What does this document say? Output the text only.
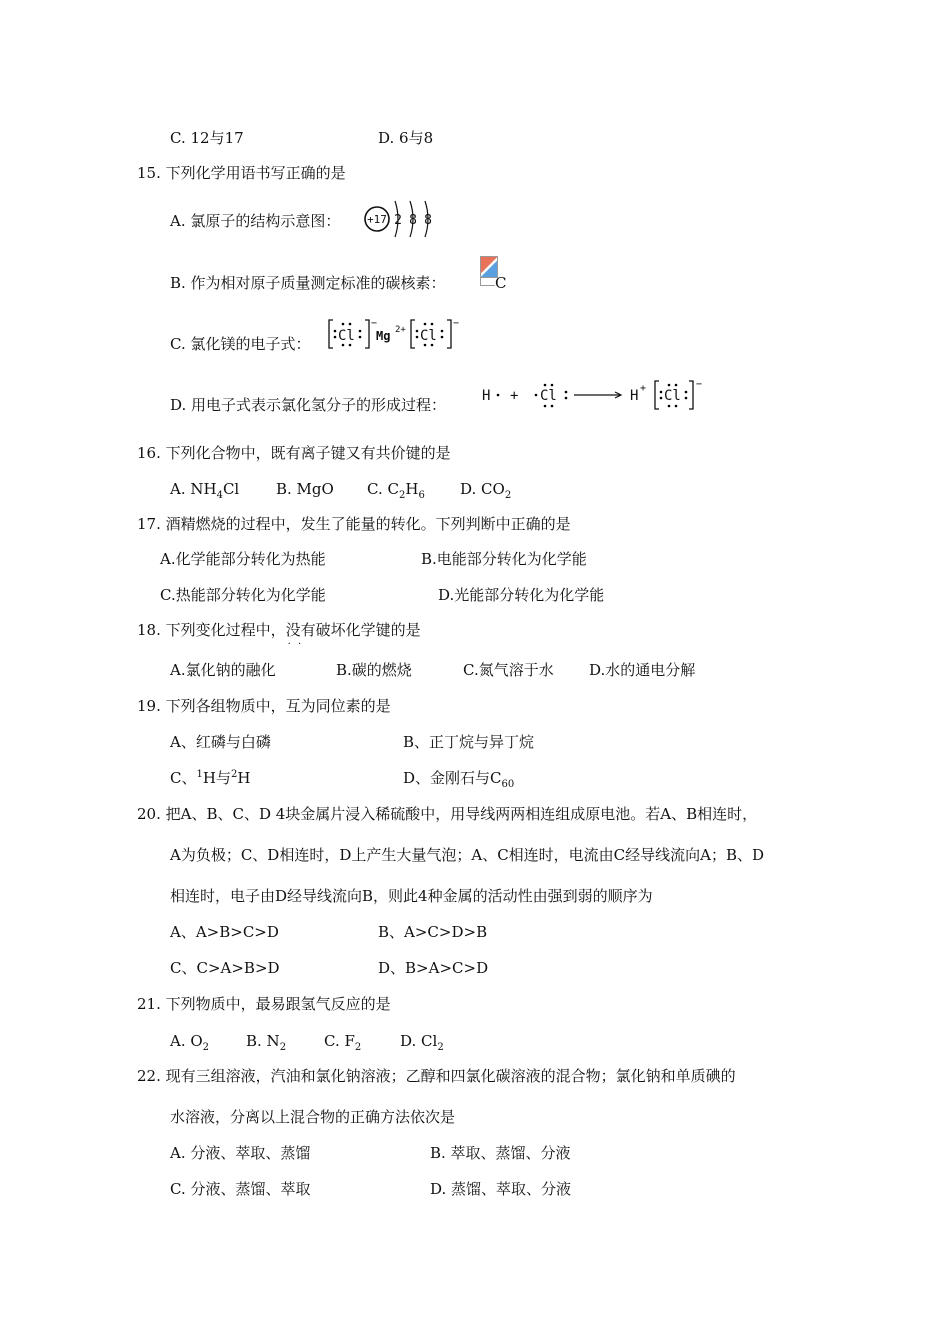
C. 12与17	D. 6与8
15. 下列化学用语书写正确的是
A. 氯原子的结构示意图： +17 2 8 8
B. 作为相对原子质量测定标准的碳核素：	C
C. 氯化镁的电子式： Cl
−
Mg 2+ Cl
−
D. 用电子式表示氯化氢分子的形成过程：	H + Cl	H + Cl
−
16. 下列化合物中，既有离子键又有共价键的是
A. $NH_4Cl$ B. MgO C. $C_2H_6$ D. $CO_2$
17. 酒精燃烧的过程中，发生了能量的转化。下列判断中正确的是
A.化学能部分转化为热能	B.电能部分转化为化学能
C.热能部分转化为化学能	D.光能部分转化为化学能
18. 下列变化过程中，没有 · ·破坏化学键的是
A.氯化钠的融化	B.碳的燃烧	C.氮气溶于水 D.水的通电分解
19. 下列各组物质中，互为同位素的是
A、红磷与白磷	B、正丁烷与异丁烷
C、$^1$H与$^2$H	D、金刚石与$C_{60}$
20. 把A、B、C、D 4块金属片浸入稀硫酸中，用导线两两相连组成原电池。若A、B相连时，
A为负极；C、D相连时，D上产生大量气泡；A、C相连时，电流由C经导线流向A；B、D
相连时，电子由D经导线流向B，则此4种金属的活动性由强到弱的顺序为
A、A>B>C>D	B、A>C>D>B
C、C>A>B>D	D、B>A>C>D
21. 下列物质中，最易跟氢气反应的是
A. $O_2$ B. $N_2$	C. $F_2$	D. $Cl_2$
22. 现有三组溶液，汽油和氯化钠溶液；乙醇和四氯化碳溶液的混合物；氯化钠和单质碘的
水溶液，分离以上混合物的正确方法依次是
A. 分液、萃取、蒸馏	B. 萃取、蒸馏、分液
C. 分液、蒸馏、萃取	D. 蒸馏、萃取、分液
